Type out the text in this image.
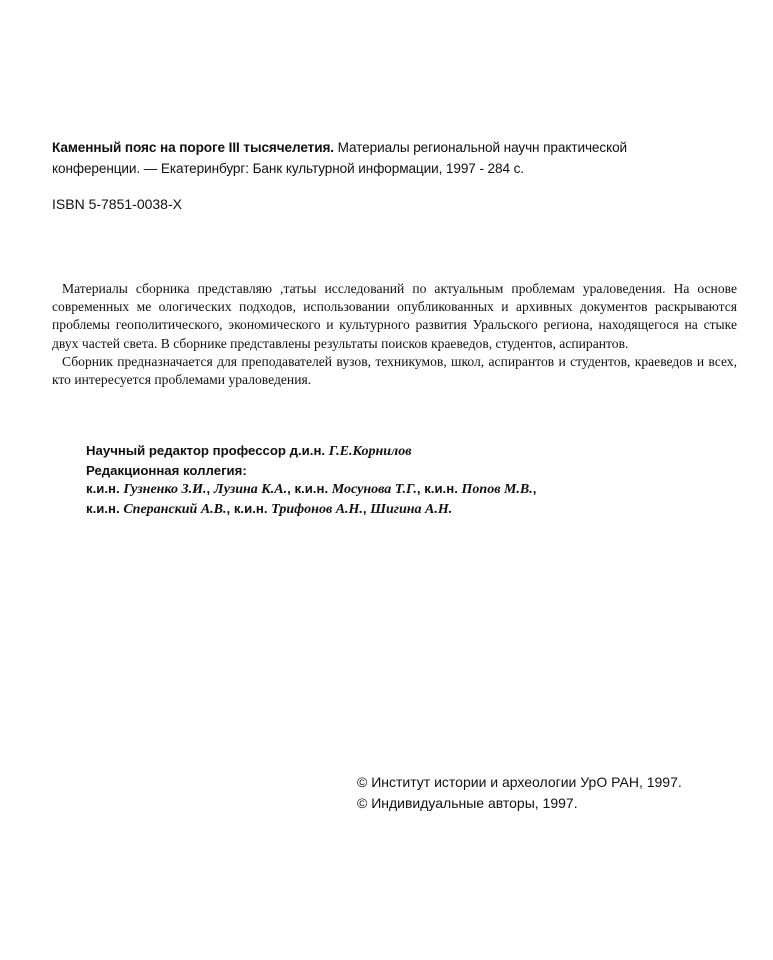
Каменный пояс на пороге III тысячелетия. Материалы региональной научн практической
конференции. — Екатеринбург: Банк культурной информации, 1997 - 284 с.
ISBN 5-7851-0038-X

Материалы сборника представляю ,татьы исследований по актуальным проблемам ураловедения. На основе современных ме ологических подходов, использовании опубликованных и архивных документов раскрываются проблемы геополитического, экономического и культурного развития Уральского региона, находящегося на стыке двух частей света. В сборнике представлены результаты поисков краеведов, студентов, аспирантов.

Сборник предназначается для преподавателей вузов, техникумов, школ, аспирантов и студентов, краеведов и всех, кто интересуется проблемами ураловедения.

Научный редактор профессор д.и.н. Г.Е.Корнилов
Редакционная коллегия:
к.и.н. Гузненко З.И., Лузина К.А., к.и.н. Мосунова Т.Г., к.и.н. Попов М.В.,
к.и.н. Сперанский А.В., к.и.н. Трифонов А.Н., Шигина А.Н.
© Институт истории и археологии УрО РАН, 1997.
© Индивидуальные авторы, 1997.
